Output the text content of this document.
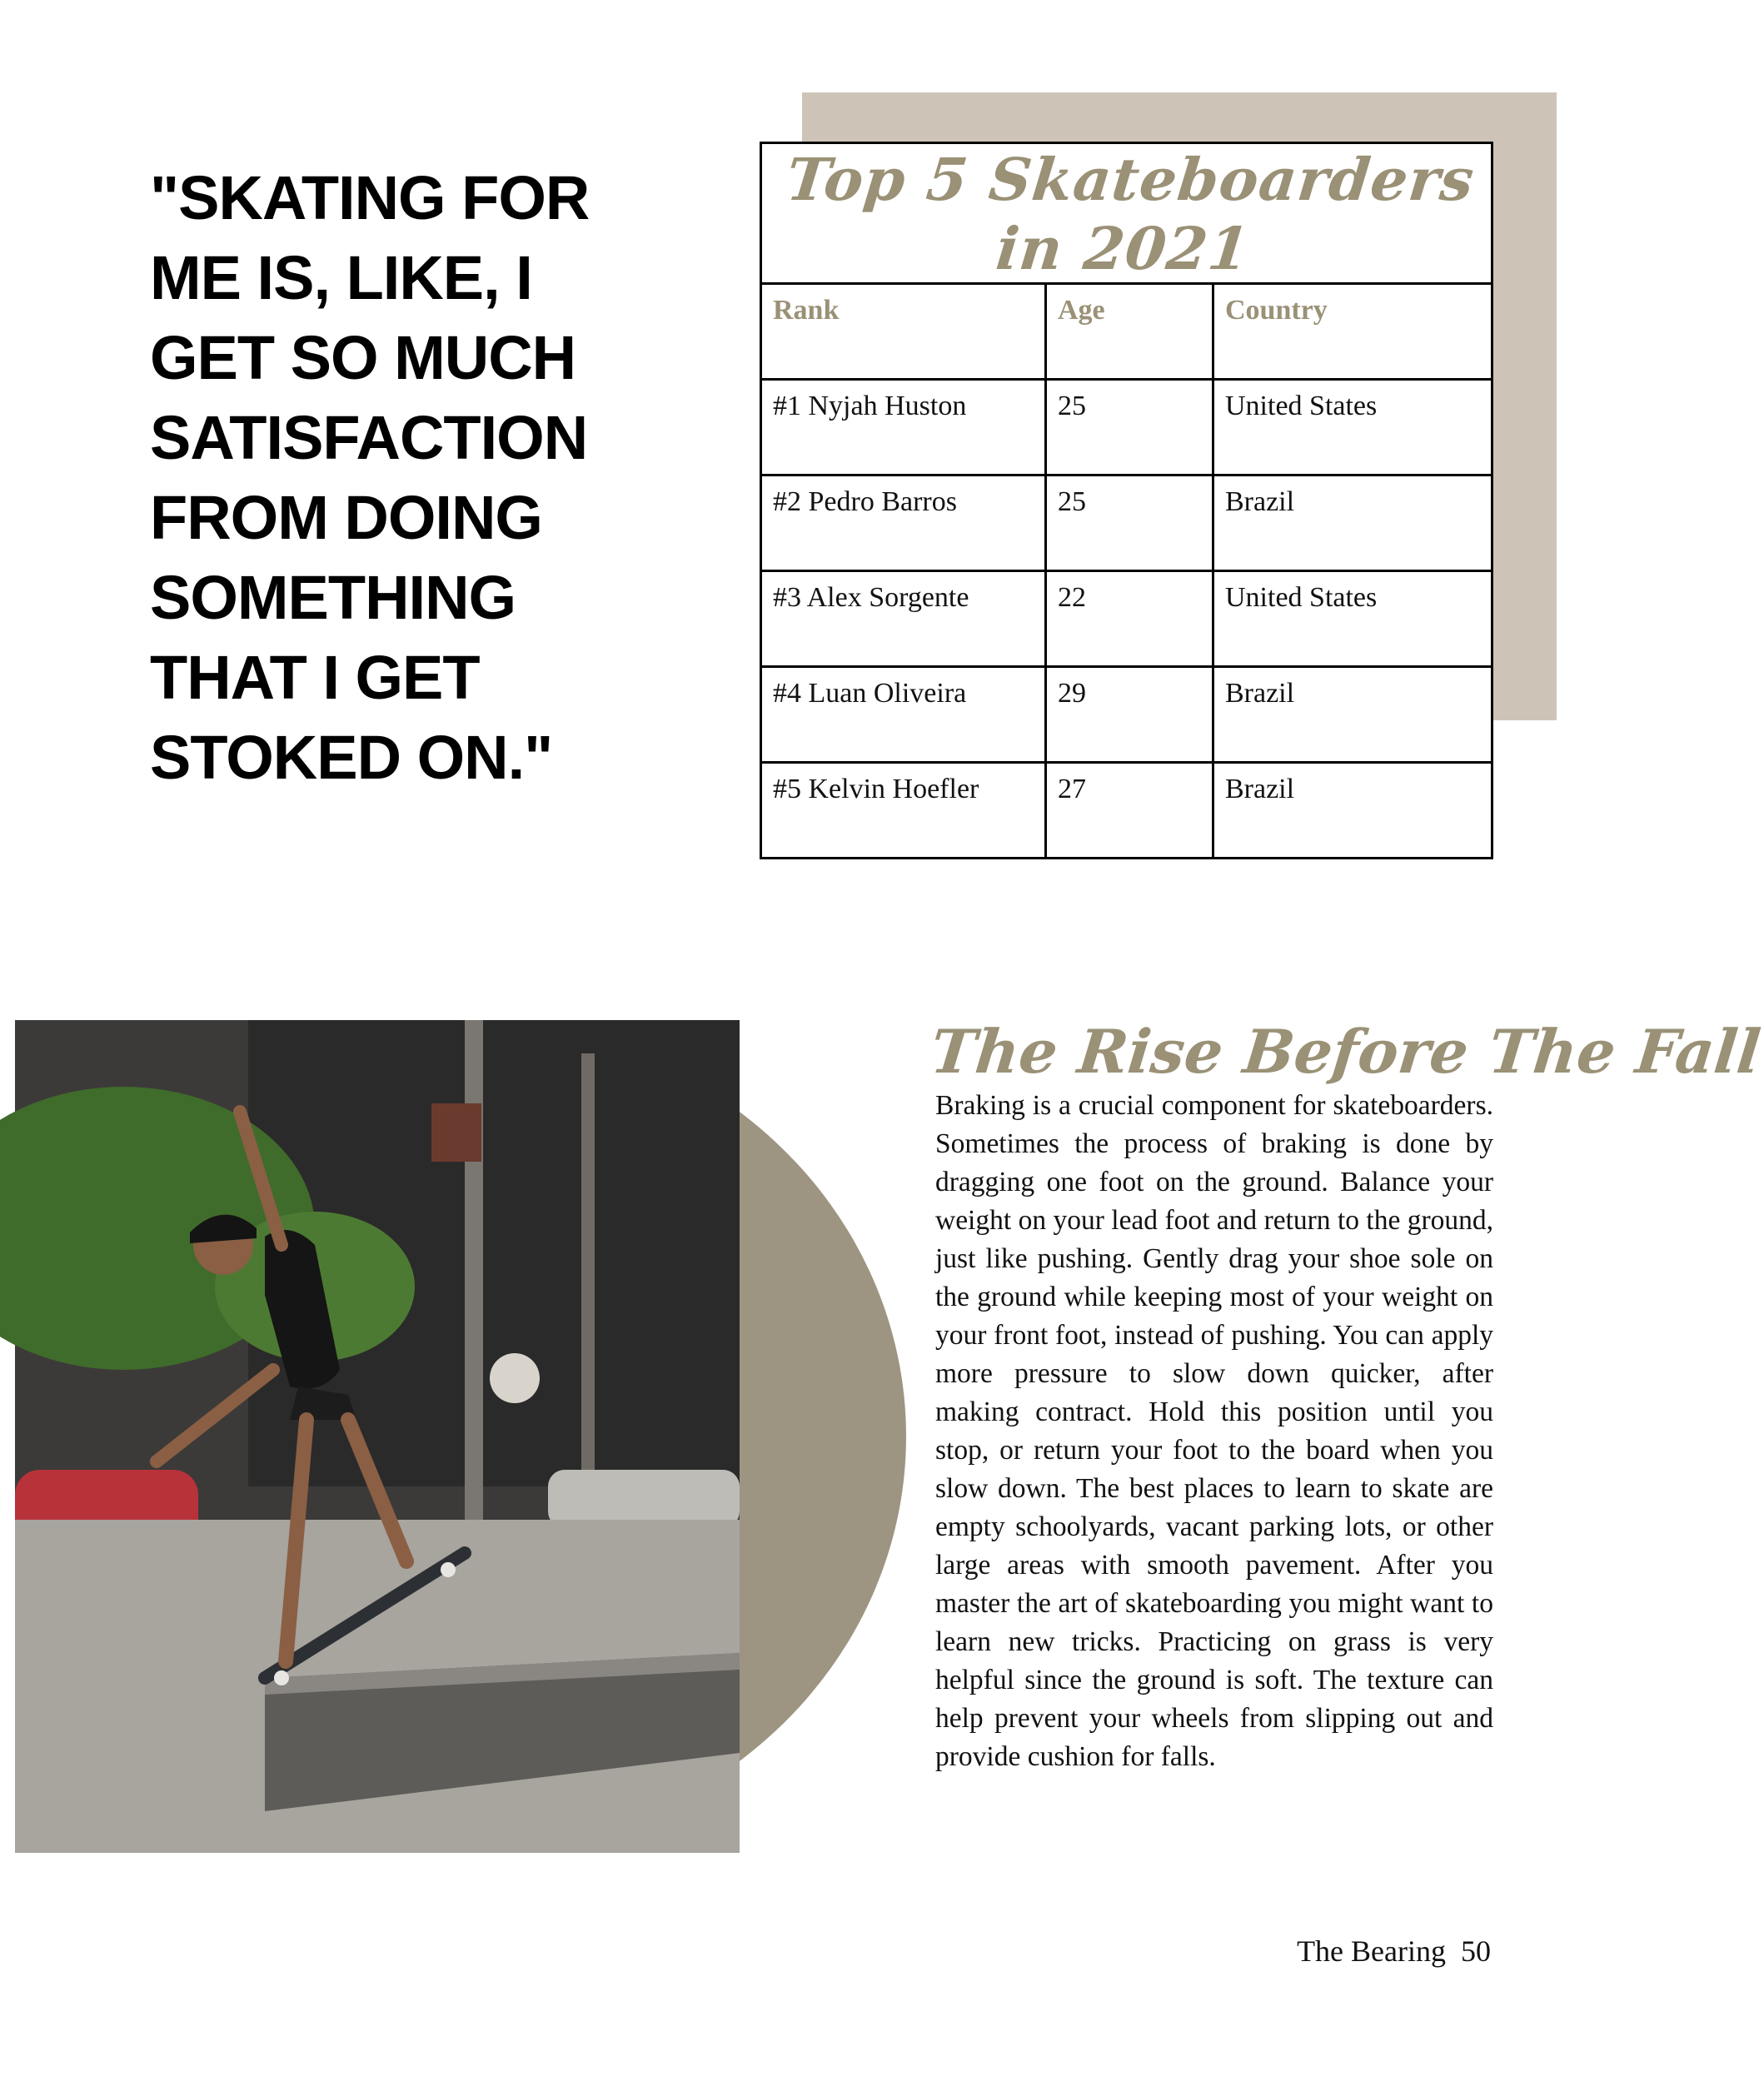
"SKATING FOR ME IS, LIKE, I GET SO MUCH SATISFACTION FROM DOING SOMETHING THAT I GET STOKED ON."
Top 5 Skateboarders in 2021		
Rank	Age	Country
#1 Nyjah Huston	25	United States
#2 Pedro Barros	25	Brazil
#3 Alex Sorgente	22	United States
#4 Luan Oliveira	29	Brazil
#5 Kelvin Hoefler	27	Brazil
The Rise Before The Fall

Braking is a crucial component for skateboarders. Sometimes the process of braking is done by dragging one foot on the ground. Balance your weight on your lead foot and return to the ground, just like pushing. Gently drag your shoe sole on the ground while keeping most of your weight on your front foot, instead of pushing. You can apply more pressure to slow down quicker, after making contract. Hold this position until you stop, or return your foot to the board when you slow down. The best places to learn to skate are empty schoolyards, vacant parking lots, or other large areas with smooth pavement. After you master the art of skateboarding you might want to learn new tricks. Practicing on grass is very helpful since the ground is soft. The texture can help prevent your wheels from slipping out and provide cushion for falls.

The Bearing 50
